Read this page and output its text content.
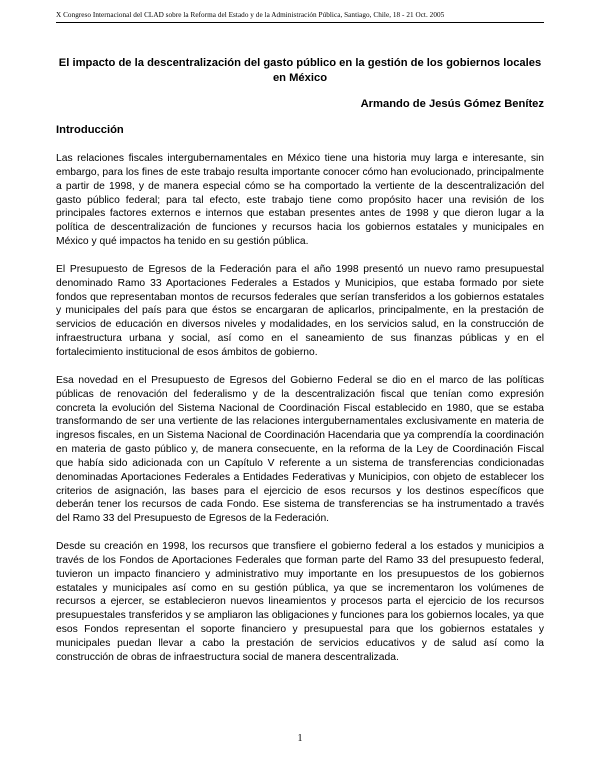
X Congreso Internacional del CLAD sobre la Reforma del Estado y de la Administración Pública, Santiago, Chile, 18 - 21 Oct. 2005
El impacto de la descentralización del gasto público en la gestión de los gobiernos locales en México
Armando de Jesús Gómez Benítez
Introducción

Las relaciones fiscales intergubernamentales en México tiene una historia muy larga e interesante, sin embargo, para los fines de este trabajo resulta importante conocer cómo han evolucionado, principalmente a partir de 1998, y de manera especial cómo se ha comportado la vertiente de la descentralización del gasto público federal; para tal efecto, este trabajo tiene como propósito hacer una revisión de los principales factores externos e internos que estaban presentes antes de 1998 y que dieron lugar a la política de descentralización de funciones y recursos hacia los gobiernos estatales y municipales en México y qué impactos ha tenido en su gestión pública.

El Presupuesto de Egresos de la Federación para el año 1998 presentó un nuevo ramo presupuestal denominado Ramo 33 Aportaciones Federales a Estados y Municipios, que estaba formado por siete fondos que representaban montos de recursos federales que serían transferidos a los gobiernos estatales y municipales del país para que éstos se encargaran de aplicarlos, principalmente, en la prestación de servicios de educación en diversos niveles y modalidades, en los servicios salud, en la construcción de infraestructura urbana y social, así como en el saneamiento de sus finanzas públicas y en el fortalecimiento institucional de esos ámbitos de gobierno.

Esa novedad en el Presupuesto de Egresos del Gobierno Federal se dio en el marco de las políticas públicas de renovación del federalismo y de la descentralización fiscal que tenían como expresión concreta la evolución del Sistema Nacional de Coordinación Fiscal establecido en 1980, que se estaba transformando de ser una vertiente de las relaciones intergubernamentales exclusivamente en materia de ingresos fiscales, en un Sistema Nacional de Coordinación Hacendaria que ya comprendía la coordinación en materia de gasto público y, de manera consecuente, en la reforma de la Ley de Coordinación Fiscal que había sido adicionada con un Capítulo V referente a un sistema de transferencias condicionadas denominadas Aportaciones Federales a Entidades Federativas y Municipios, con objeto de establecer los criterios de asignación, las bases para el ejercicio de esos recursos y los destinos específicos que deberán tener los recursos de cada Fondo. Ese sistema de transferencias se ha instrumentado a través del Ramo 33 del Presupuesto de Egresos de la Federación.

Desde su creación en 1998, los recursos que transfiere el gobierno federal a los estados y municipios a través de los Fondos de Aportaciones Federales que forman parte del Ramo 33 del presupuesto federal, tuvieron un impacto financiero y administrativo muy importante en los presupuestos de los gobiernos estatales y municipales así como en su gestión pública, ya que se incrementaron los volúmenes de recursos a ejercer, se establecieron nuevos lineamientos y procesos parta el ejercicio de los recursos presupuestales transferidos y se ampliaron las obligaciones y funciones para los gobiernos locales, ya que esos Fondos representan el soporte financiero y presupuestal para que los gobiernos estatales y municipales puedan llevar a cabo la prestación de servicios educativos y de salud así como la construcción de obras de infraestructura social de manera descentralizada.

1
